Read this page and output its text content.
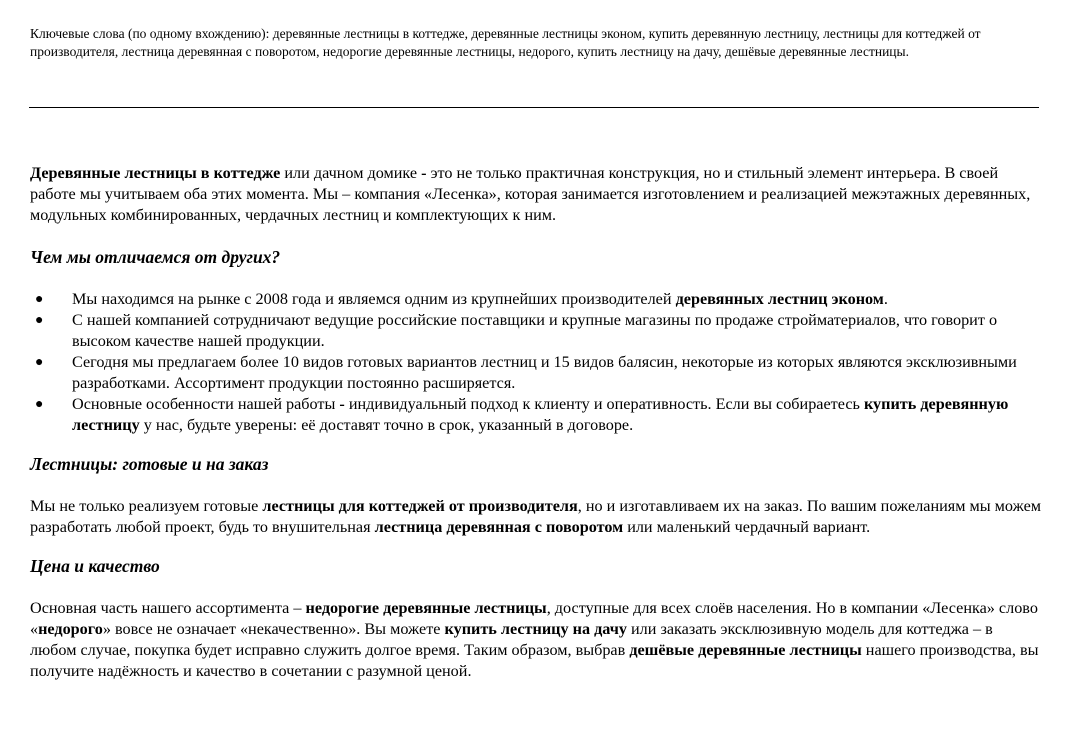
Ключевые слова (по одному вхождению): деревянные лестницы в коттедже, деревянные лестницы эконом, купить деревянную лестницу, лестницы для коттеджей от производителя, лестница деревянная с поворотом, недорогие деревянные лестницы, недорого, купить лестницу на дачу, дешёвые деревянные лестницы.

Деревянные лестницы в коттедже или дачном домике - это не только практичная конструкция, но и стильный элемент интерьера. В своей работе мы учитываем оба этих момента. Мы – компания «Лесенка», которая занимается изготовлением и реализацией межэтажных деревянных, модульных комбинированных, чердачных лестниц и комплектующих к ним.

Чем мы отличаемся от других?
● Мы находимся на рынке с 2008 года и являемся одним из крупнейших производителей деревянных лестниц эконом.
● С нашей компанией сотрудничают ведущие российские поставщики и крупные магазины по продаже стройматериалов, что говорит о высоком качестве нашей продукции.
● Сегодня мы предлагаем более 10 видов готовых вариантов лестниц и 15 видов балясин, некоторые из которых являются эксклюзивными разработками. Ассортимент продукции постоянно расширяется.
● Основные особенности нашей работы - индивидуальный подход к клиенту и оперативность. Если вы собираетесь купить деревянную лестницу у нас, будьте уверены: её доставят точно в срок, указанный в договоре.
Лестницы: готовые и на заказ

Мы не только реализуем готовые лестницы для коттеджей от производителя, но и изготавливаем их на заказ. По вашим пожеланиям мы можем разработать любой проект, будь то внушительная лестница деревянная с поворотом или маленький чердачный вариант.

Цена и качество

Основная часть нашего ассортимента – недорогие деревянные лестницы, доступные для всех слоёв населения. Но в компании «Лесенка» слово «недорого» вовсе не означает «некачественно». Вы можете купить лестницу на дачу или заказать эксклюзивную модель для коттеджа – в любом случае, покупка будет исправно служить долгое время. Таким образом, выбрав дешёвые деревянные лестницы нашего производства, вы получите надёжность и качество в сочетании с разумной ценой.
